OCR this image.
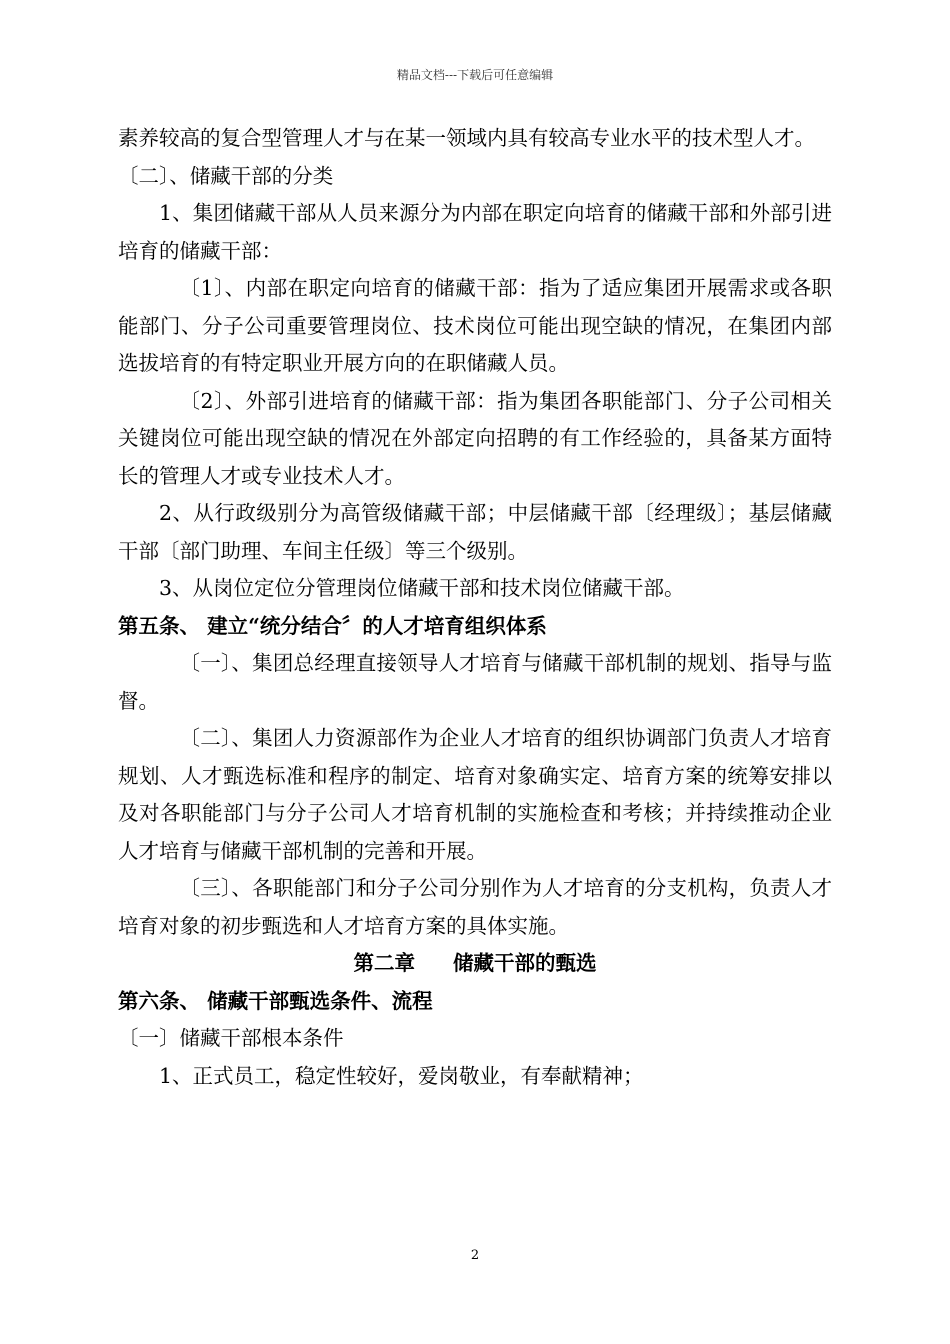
精品文档---下载后可任意编辑

素养较高的复合型管理人才与在某一领域内具有较高专业水平的技术型人才。

〔二〕、储藏干部的分类

1、集团储藏干部从人员来源分为内部在职定向培育的储藏干部和外部引进培育的储藏干部：

〔1〕、内部在职定向培育的储藏干部：指为了适应集团开展需求或各职能部门、分子公司重要管理岗位、技术岗位可能出现空缺的情况，在集团内部选拔培育的有特定职业开展方向的在职储藏人员。

〔2〕、外部引进培育的储藏干部：指为集团各职能部门、分子公司相关关键岗位可能出现空缺的情况在外部定向招聘的有工作经验的，具备某方面特长的管理人才或专业技术人才。

2、从行政级别分为高管级储藏干部；中层储藏干部〔经理级〕；基层储藏干部〔部门助理、车间主任级〕等三个级别。

3、从岗位定位分管理岗位储藏干部和技术岗位储藏干部。

第五条、 建立“统分结合〞的人才培育组织体系

〔一〕、集团总经理直接领导人才培育与储藏干部机制的规划、指导与监督。

〔二〕、集团人力资源部作为企业人才培育的组织协调部门负责人才培育规划、人才甄选标准和程序的制定、培育对象确实定、培育方案的统筹安排以及对各职能部门与分子公司人才培育机制的实施检查和考核；并持续推动企业人才培育与储藏干部机制的完善和开展。

〔三〕、各职能部门和分子公司分别作为人才培育的分支机构，负责人才培育对象的初步甄选和人才培育方案的具体实施。

第二章 储藏干部的甄选

第六条、 储藏干部甄选条件、流程

〔一〕储藏干部根本条件

1、正式员工，稳定性较好，爱岗敬业，有奉献精神；

2
